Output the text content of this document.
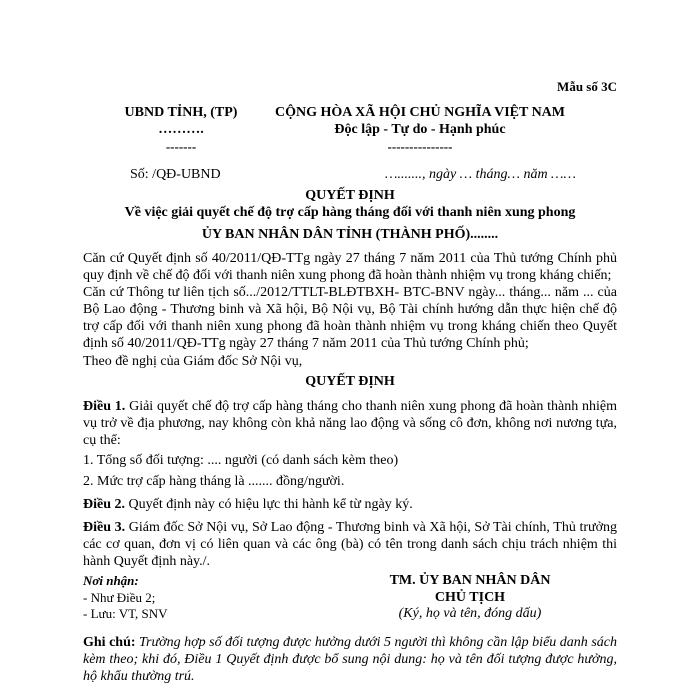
Mẫu số 3C
UBND TỈNH, (TP)
……….
-------
CỘNG HÒA XÃ HỘI CHỦ NGHĨA VIỆT NAM
Độc lập - Tự do - Hạnh phúc
---------------
Số: /QĐ-UBND	…......., ngày … tháng… năm ……
QUYẾT ĐỊNH
Về việc giải quyết chế độ trợ cấp hàng tháng đối với thanh niên xung phong
ỦY BAN NHÂN DÂN TỈNH (THÀNH PHỐ)........
Căn cứ Quyết định số 40/2011/QĐ-TTg ngày 27 tháng 7 năm 2011 của Thủ tướng Chính phủ quy định về chế độ đối với thanh niên xung phong đã hoàn thành nhiệm vụ trong kháng chiến;
Căn cứ Thông tư liên tịch số.../2012/TTLT-BLĐTBXH- BTC-BNV ngày... tháng... năm ... của Bộ Lao động - Thương binh và Xã hội, Bộ Nội vụ, Bộ Tài chính hướng dẫn thực hiện chế độ trợ cấp đối với thanh niên xung phong đã hoàn thành nhiệm vụ trong kháng chiến theo Quyết định số 40/2011/QĐ-TTg ngày 27 tháng 7 năm 2011 của Thủ tướng Chính phủ;
Theo đề nghị của Giám đốc Sở Nội vụ,
QUYẾT ĐỊNH
Điều 1. Giải quyết chế độ trợ cấp hàng tháng cho thanh niên xung phong đã hoàn thành nhiệm vụ trở về địa phương, nay không còn khả năng lao động và sống cô đơn, không nơi nương tựa, cụ thể:
1. Tổng số đối tượng: .... người (có danh sách kèm theo)
2. Mức trợ cấp hàng tháng là ....... đồng/người.
Điều 2. Quyết định này có hiệu lực thi hành kể từ ngày ký.
Điều 3. Giám đốc Sở Nội vụ, Sở Lao động - Thương binh và Xã hội, Sở Tài chính, Thủ trưởng các cơ quan, đơn vị có liên quan và các ông (bà) có tên trong danh sách chịu trách nhiệm thi hành Quyết định này./.
Nơi nhận:
- Như Điều 2;
- Lưu: VT, SNV
TM. ỦY BAN NHÂN DÂN
CHỦ TỊCH
(Ký, họ và tên, đóng dấu)
Ghi chú: Trường hợp số đối tượng được hưởng dưới 5 người thì không cần lập biểu danh sách kèm theo; khi đó, Điều 1 Quyết định được bổ sung nội dung: họ và tên đối tượng được hưởng, hộ khẩu thường trú.
